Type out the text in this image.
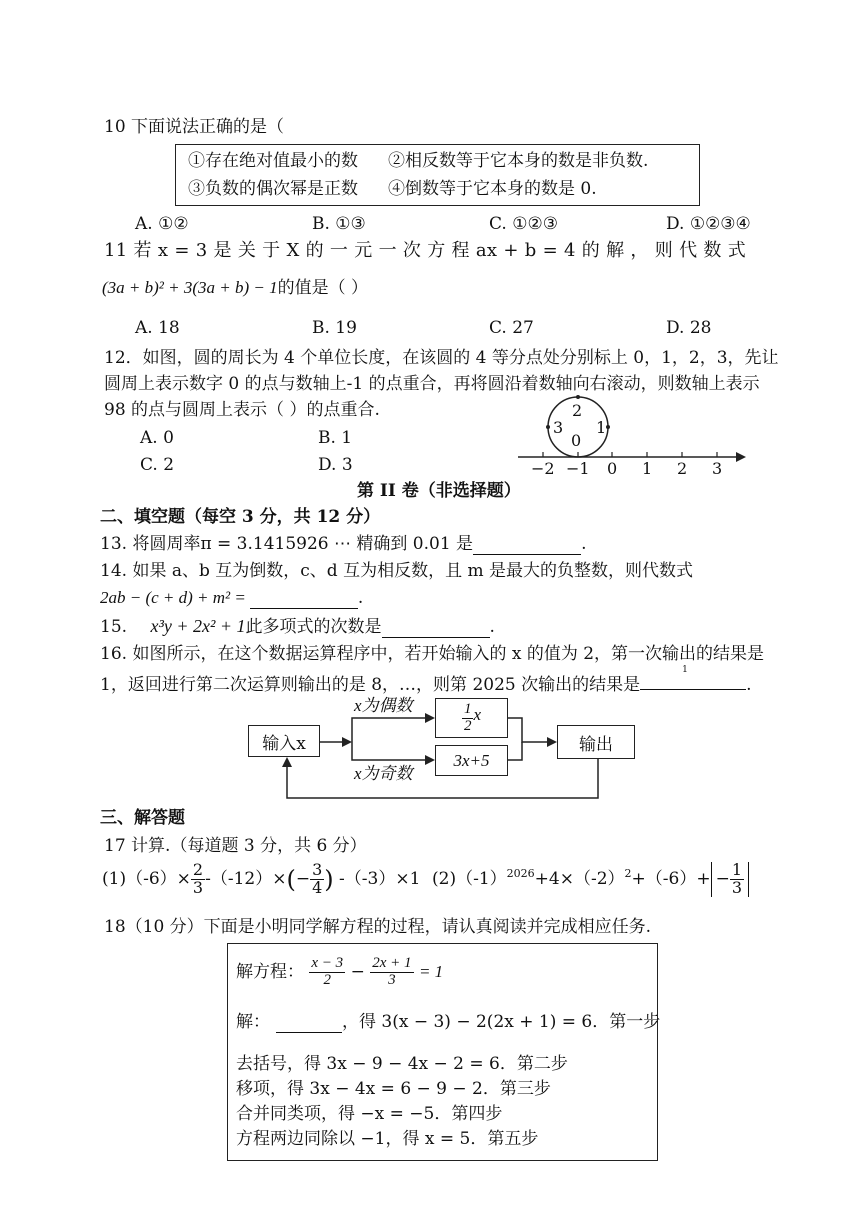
10 下面说法正确的是（
①存在绝对值最小的数 ②相反数等于它本身的数是非负数.
③负数的偶次幂是正数 ④倒数等于它本身的数是 0.
A. ①②	B. ①③	C. ①②③	D. ①②③④
11 若 x = 3 是 关 于 X 的 一 元 一 次 方 程 ax + b = 4 的 解 ， 则 代 数 式
(3a + b)² + 3(3a + b) − 1的值是（ ）
A. 18	B. 19	C. 27	D. 28
12．如图，圆的周长为 4 个单位长度，在该圆的 4 等分点处分别标上 0，1，2，3，先让
圆周上表示数字 0 的点与数轴上-1 的点重合，再将圆沿着数轴向右滚动，则数轴上表示
98 的点与圆周上表示（ ）的点重合.
A. 0	B. 1
C. 2	D. 3
0
1
2
3
−2 −1 0 1 2 3
第 II 卷（非选择题）
二、填空题（每空 3 分，共 12 分）
13. 将圆周率π = 3.1415926 ⋯ 精确到 0.01 是	.
14. 如果 a、b 互为倒数，c、d 互为相反数，且 m 是最大的负整数，则代数式
2ab − (c + d) + m² =	.
15. x³y + 2x² + 1此多项式的次数是	.
16. 如图所示，在这个数据运算程序中，若开始输入的 x 的值为 2，第一次输出的结果是
1，返回进行第二次运算则输出的是 8，…，则第 2025 次输出的结果是
1
.
输入x
x为偶数
x为奇数
$\frac{1}{2}$ x
3x+5
输出
三、解答题
17 计算.（每道题 3 分，共 6 分）
$(1)(-6)\times \frac{2}{3} -(-12)\times(- \frac{3}{4}$ ) -（-3）×1 $(2)(-1)^{2026}+4\times(-2)^2+(-6)+ - \frac{1}{3}$
18（10 分）下面是小明同学解方程的过程，请认真阅读并完成相应任务.
解方程： $\frac{x - 3}{2} - \frac{2x + 1}{3} = 1$
解：	，得 3(x − 3) − 2(2x + 1) = 6．第一步
去括号，得 3x − 9 − 4x − 2 = 6．第二步
移项，得 3x − 4x = 6 − 9 − 2．第三步
合并同类项，得 −x = −5．第四步
方程两边同除以 −1，得 x = 5．第五步
